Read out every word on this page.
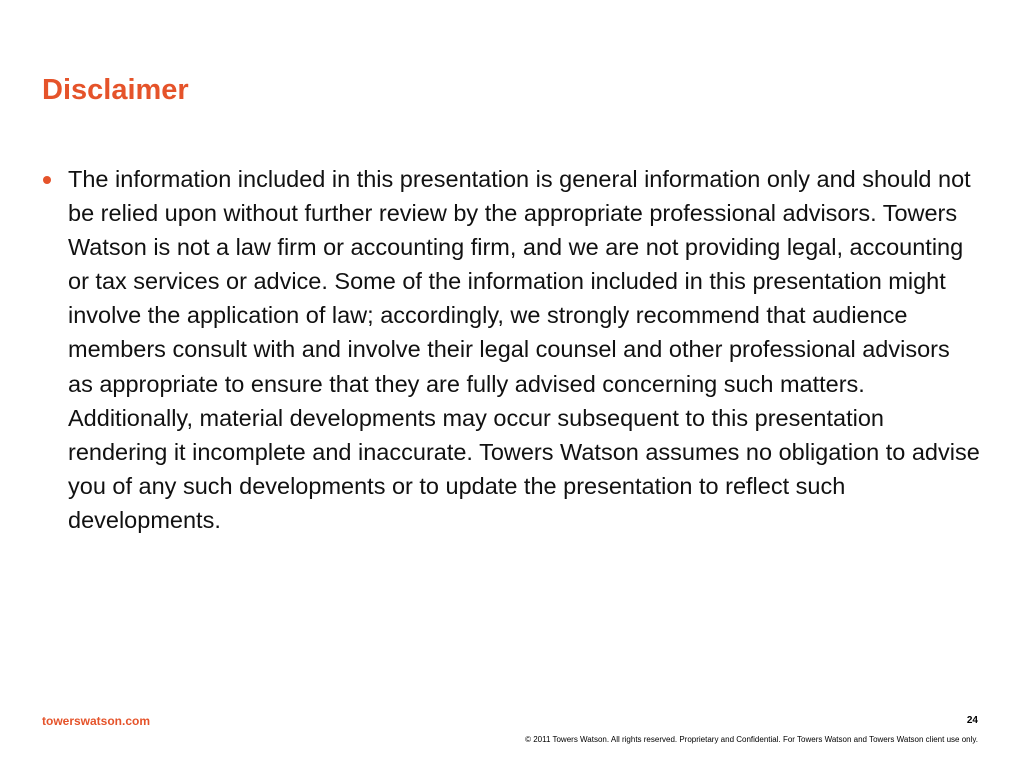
Disclaimer
The information included in this presentation is general information only and should not be relied upon without further review by the appropriate professional advisors. Towers Watson is not a law firm or accounting firm, and we are not providing legal, accounting or tax services or advice. Some of the information included in this presentation might involve the application of law; accordingly, we strongly recommend that audience members consult with and involve their legal counsel and other professional advisors as appropriate to ensure that they are fully advised concerning such matters. Additionally, material developments may occur subsequent to this presentation rendering it incomplete and inaccurate. Towers Watson assumes no obligation to advise you of any such developments or to update the presentation to reflect such developments.
towerswatson.com	24
© 2011 Towers Watson. All rights reserved. Proprietary and Confidential. For Towers Watson and Towers Watson client use only.
